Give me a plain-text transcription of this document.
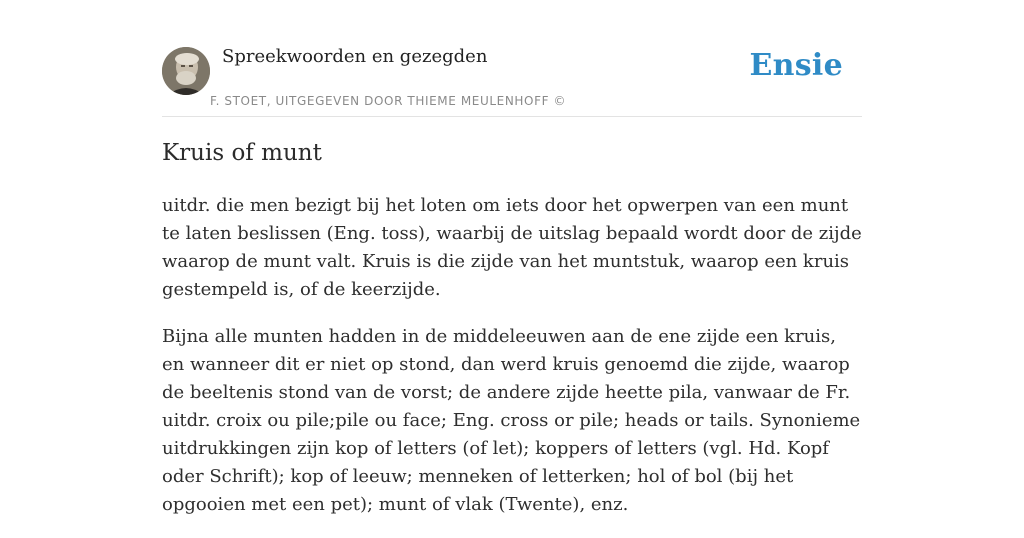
Spreekwoorden en gezegden
F. STOET, UITGEGEVEN DOOR THIEME MEULENHOFF ©
Ensie
Kruis of munt

uitdr. die men bezigt bij het loten om iets door het opwerpen van een munt te laten beslissen (Eng. toss), waarbij de uitslag bepaald wordt door de zijde waarop de munt valt. Kruis is die zijde van het muntstuk, waarop een kruis gestempeld is, of de keerzijde.

Bijna alle munten hadden in de middeleeuwen aan de ene zijde een kruis, en wanneer dit er niet op stond, dan werd kruis genoemd die zijde, waarop de beeltenis stond van de vorst; de andere zijde heette pila, vanwaar de Fr. uitdr. croix ou pile;pile ou face; Eng. cross or pile; heads or tails. Synonieme uitdrukkingen zijn kop of letters (of let); koppers of letters (vgl. Hd. Kopf oder Schrift); kop of leeuw; menneken of letterken; hol of bol (bij het opgooien met een pet); munt of vlak (Twente), enz.
